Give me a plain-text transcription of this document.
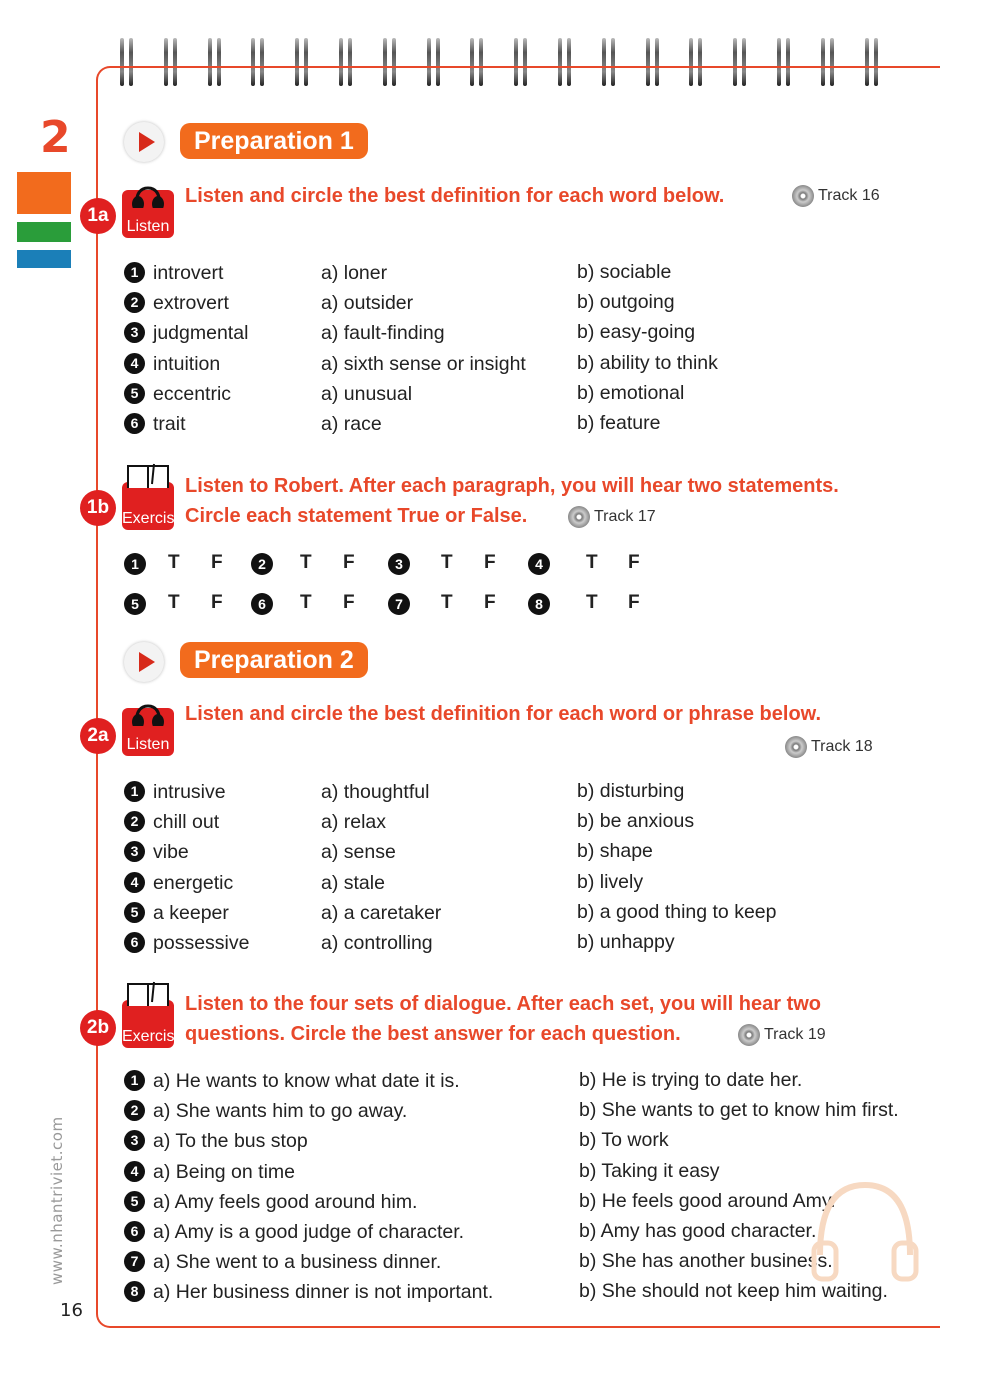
2
www.nhantriviet.com
16
Preparation 1
1a
Listen
Listen and circle the best definition for each word below.	Track 16
1 introvert	a) loner	b) sociable
2 extrovert	a) outsider	b) outgoing
3 judgmental	a) fault-finding	b) easy-going
4 intuition	a) sixth sense or insight	b) ability to think
5 eccentric	a) unusual	b) emotional
6 trait	a) race	b) feature
1b
Exercise
Listen to Robert. After each paragraph, you will hear two statements.
Circle each statement True or False.	Track 17
1	T F	2	T F	3	T F	4	T F
5	T F	6	T F	7	T F	8	T F
Preparation 2
2a	Listen
Listen and circle the best definition for each word or phrase below.
Track 18
1 intrusive	a) thoughtful	b) disturbing
2 chill out	a) relax	b) be anxious
3 vibe	a) sense	b) shape
4 energetic	a) stale	b) lively
5 a keeper	a) a caretaker	b) a good thing to keep
6 possessive	a) controlling	b) unhappy
2b Exercise
Listen to the four sets of dialogue. After each set, you will hear two
questions. Circle the best answer for each question.	Track 19
1 a) He wants to know what date it is.	b) He is trying to date her.
2 a) She wants him to go away.	b) She wants to get to know him first.
3 a) To the bus stop	b) To work
4 a) Being on time	b) Taking it easy
5 a) Amy feels good around him.	b) He feels good around Amy.
6 a) Amy is a good judge of character.	b) Amy has good character.
7 a) She went to a business dinner.	b) She has another business.
8 a) Her business dinner is not important.	b) She should not keep him waiting.
